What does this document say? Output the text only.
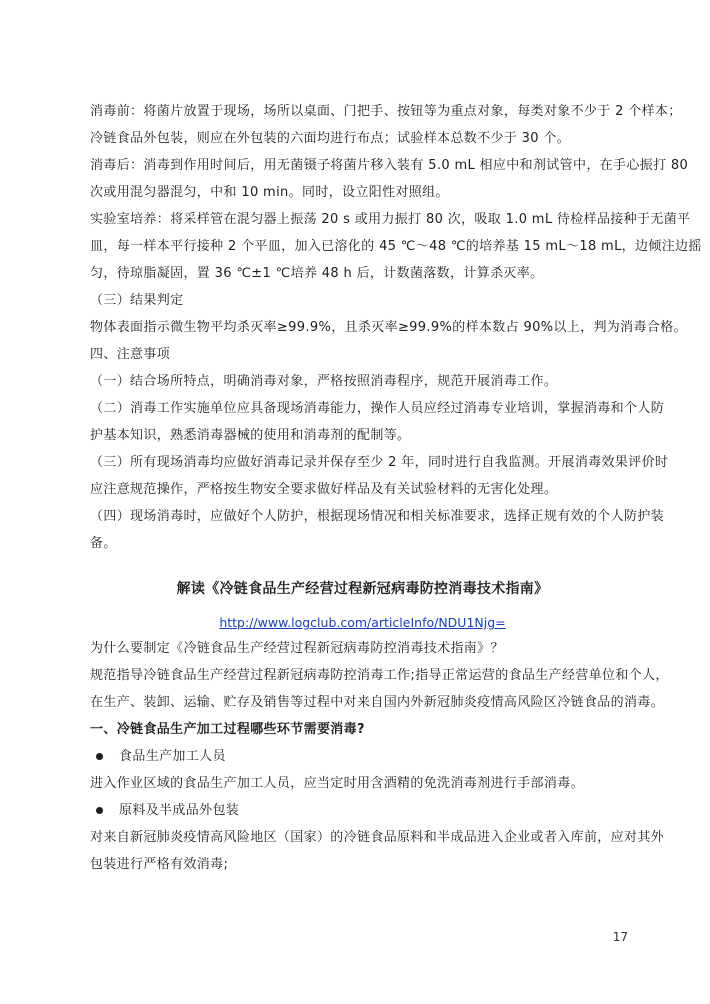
消毒前：将菌片放置于现场，场所以桌面、门把手、按钮等为重点对象，每类对象不少于 2 个样本；
冷链食品外包装，则应在外包装的六面均进行布点；试验样本总数不少于 30 个。
消毒后：消毒到作用时间后，用无菌镊子将菌片移入装有 5.0 mL 相应中和剂试管中，在手心振打 80
次或用混匀器混匀，中和 10 min。同时，设立阳性对照组。
实验室培养：将采样管在混匀器上振荡 20 s 或用力振打 80 次，吸取 1.0 mL 待检样品接种于无菌平
皿，每一样本平行接种 2 个平皿，加入已溶化的 45 ℃～48 ℃的培养基 15 mL～18 mL，边倾注边摇
匀，待琼脂凝固，置 36 ℃±1 ℃培养 48 h 后，计数菌落数，计算杀灭率。
（三）结果判定
物体表面指示微生物平均杀灭率≥99.9%，且杀灭率≥99.9%的样本数占 90%以上，判为消毒合格。
四、注意事项
（一）结合场所特点，明确消毒对象，严格按照消毒程序，规范开展消毒工作。
（二）消毒工作实施单位应具备现场消毒能力，操作人员应经过消毒专业培训，掌握消毒和个人防
护基本知识，熟悉消毒器械的使用和消毒剂的配制等。
（三）所有现场消毒均应做好消毒记录并保存至少 2 年，同时进行自我监测。开展消毒效果评价时
应注意规范操作，严格按生物安全要求做好样品及有关试验材料的无害化处理。
（四）现场消毒时，应做好个人防护，根据现场情况和相关标准要求，选择正规有效的个人防护装
备。
解读《冷链食品生产经营过程新冠病毒防控消毒技术指南》
http://www.logclub.com/articleInfo/NDU1Njg=
为什么要制定《冷链食品生产经营过程新冠病毒防控消毒技术指南》？
规范指导冷链食品生产经营过程新冠病毒防控消毒工作;指导正常运营的食品生产经营单位和个人，
在生产、装卸、运输、贮存及销售等过程中对来自国内外新冠肺炎疫情高风险区冷链食品的消毒。
一、冷链食品生产加工过程哪些环节需要消毒?
食品生产加工人员
进入作业区域的食品生产加工人员，应当定时用含酒精的免洗消毒剂进行手部消毒。
原料及半成品外包装
对来自新冠肺炎疫情高风险地区（国家）的冷链食品原料和半成品进入企业或者入库前，应对其外
包装进行严格有效消毒;
17
